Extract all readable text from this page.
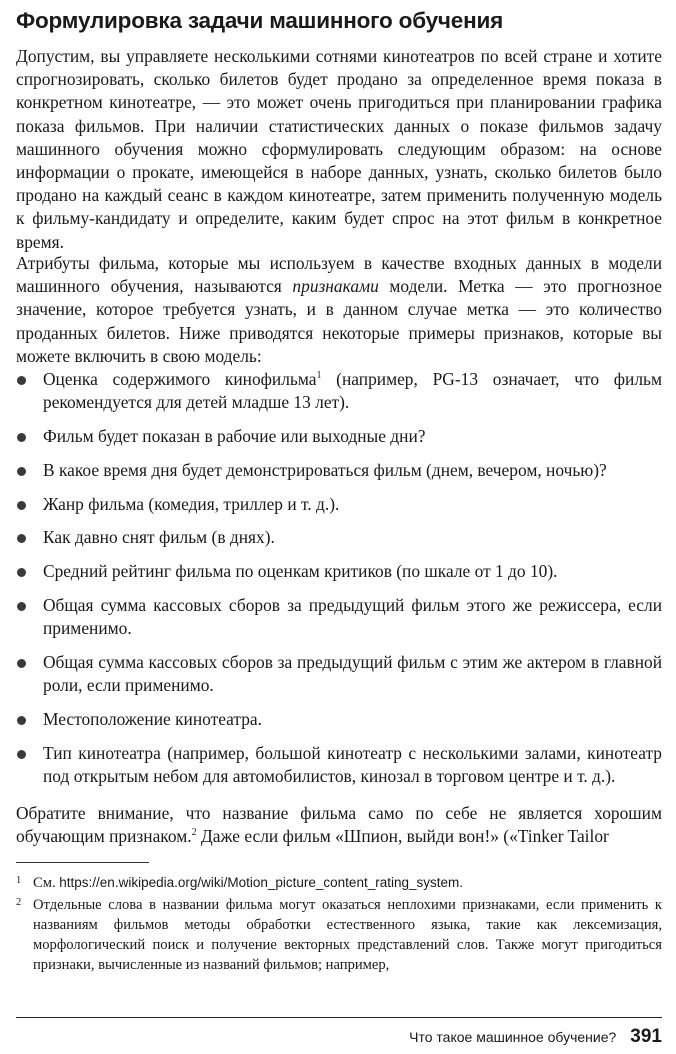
Формулировка задачи машинного обучения

Допустим, вы управляете несколькими сотнями кинотеатров по всей стране и хотите спрогнозировать, сколько билетов будет продано за определенное время показа в конкретном кинотеатре, — это может очень пригодиться при планировании графика показа фильмов. При наличии статистических данных о показе фильмов задачу машинного обучения можно сформулировать следующим образом: на основе информации о прокате, имеющейся в наборе данных, узнать, сколько билетов было продано на каждый сеанс в каждом кинотеатре, затем применить полученную модель к фильму-кандидату и определите, каким будет спрос на этот фильм в конкретное время.

Атрибуты фильма, которые мы используем в качестве входных данных в модели машинного обучения, называются признаками модели. Метка — это прогнозное значение, которое требуется узнать, и в данном случае метка — это количество проданных билетов. Ниже приводятся некоторые примеры признаков, которые вы можете включить в свою модель:

Оценка содержимого кинофильма$^1$ (например, PG-13 означает, что фильм рекомендуется для детей младше 13 лет).
Фильм будет показан в рабочие или выходные дни?
В какое время дня будет демонстрироваться фильм (днем, вечером, ночью)?
Жанр фильма (комедия, триллер и т. д.).
Как давно снят фильм (в днях).
Средний рейтинг фильма по оценкам критиков (по шкале от 1 до 10).
Общая сумма кассовых сборов за предыдущий фильм этого же режиссера, если применимо.
Общая сумма кассовых сборов за предыдущий фильм с этим же актером в главной роли, если применимо.
Местоположение кинотеатра.
Тип кинотеатра (например, большой кинотеатр с несколькими залами, кинотеатр под открытым небом для автомобилистов, кинозал в торговом центре и т. д.).

Обратите внимание, что название фильма само по себе не является хорошим обучающим признаком.$^2$ Даже если фильм «Шпион, выйди вон!» («Tinker Tailor

1 См. https://en.wikipedia.org/wiki/Motion_picture_content_rating_system.
2 Отдельные слова в названии фильма могут оказаться неплохими признаками, если применить к названиям фильмов методы обработки естественного языка, такие как лексемизация, морфологический поиск и получение векторных представлений слов. Также могут пригодиться признаки, вычисленные из названий фильмов; например,
Что такое машинное обучение? 391
